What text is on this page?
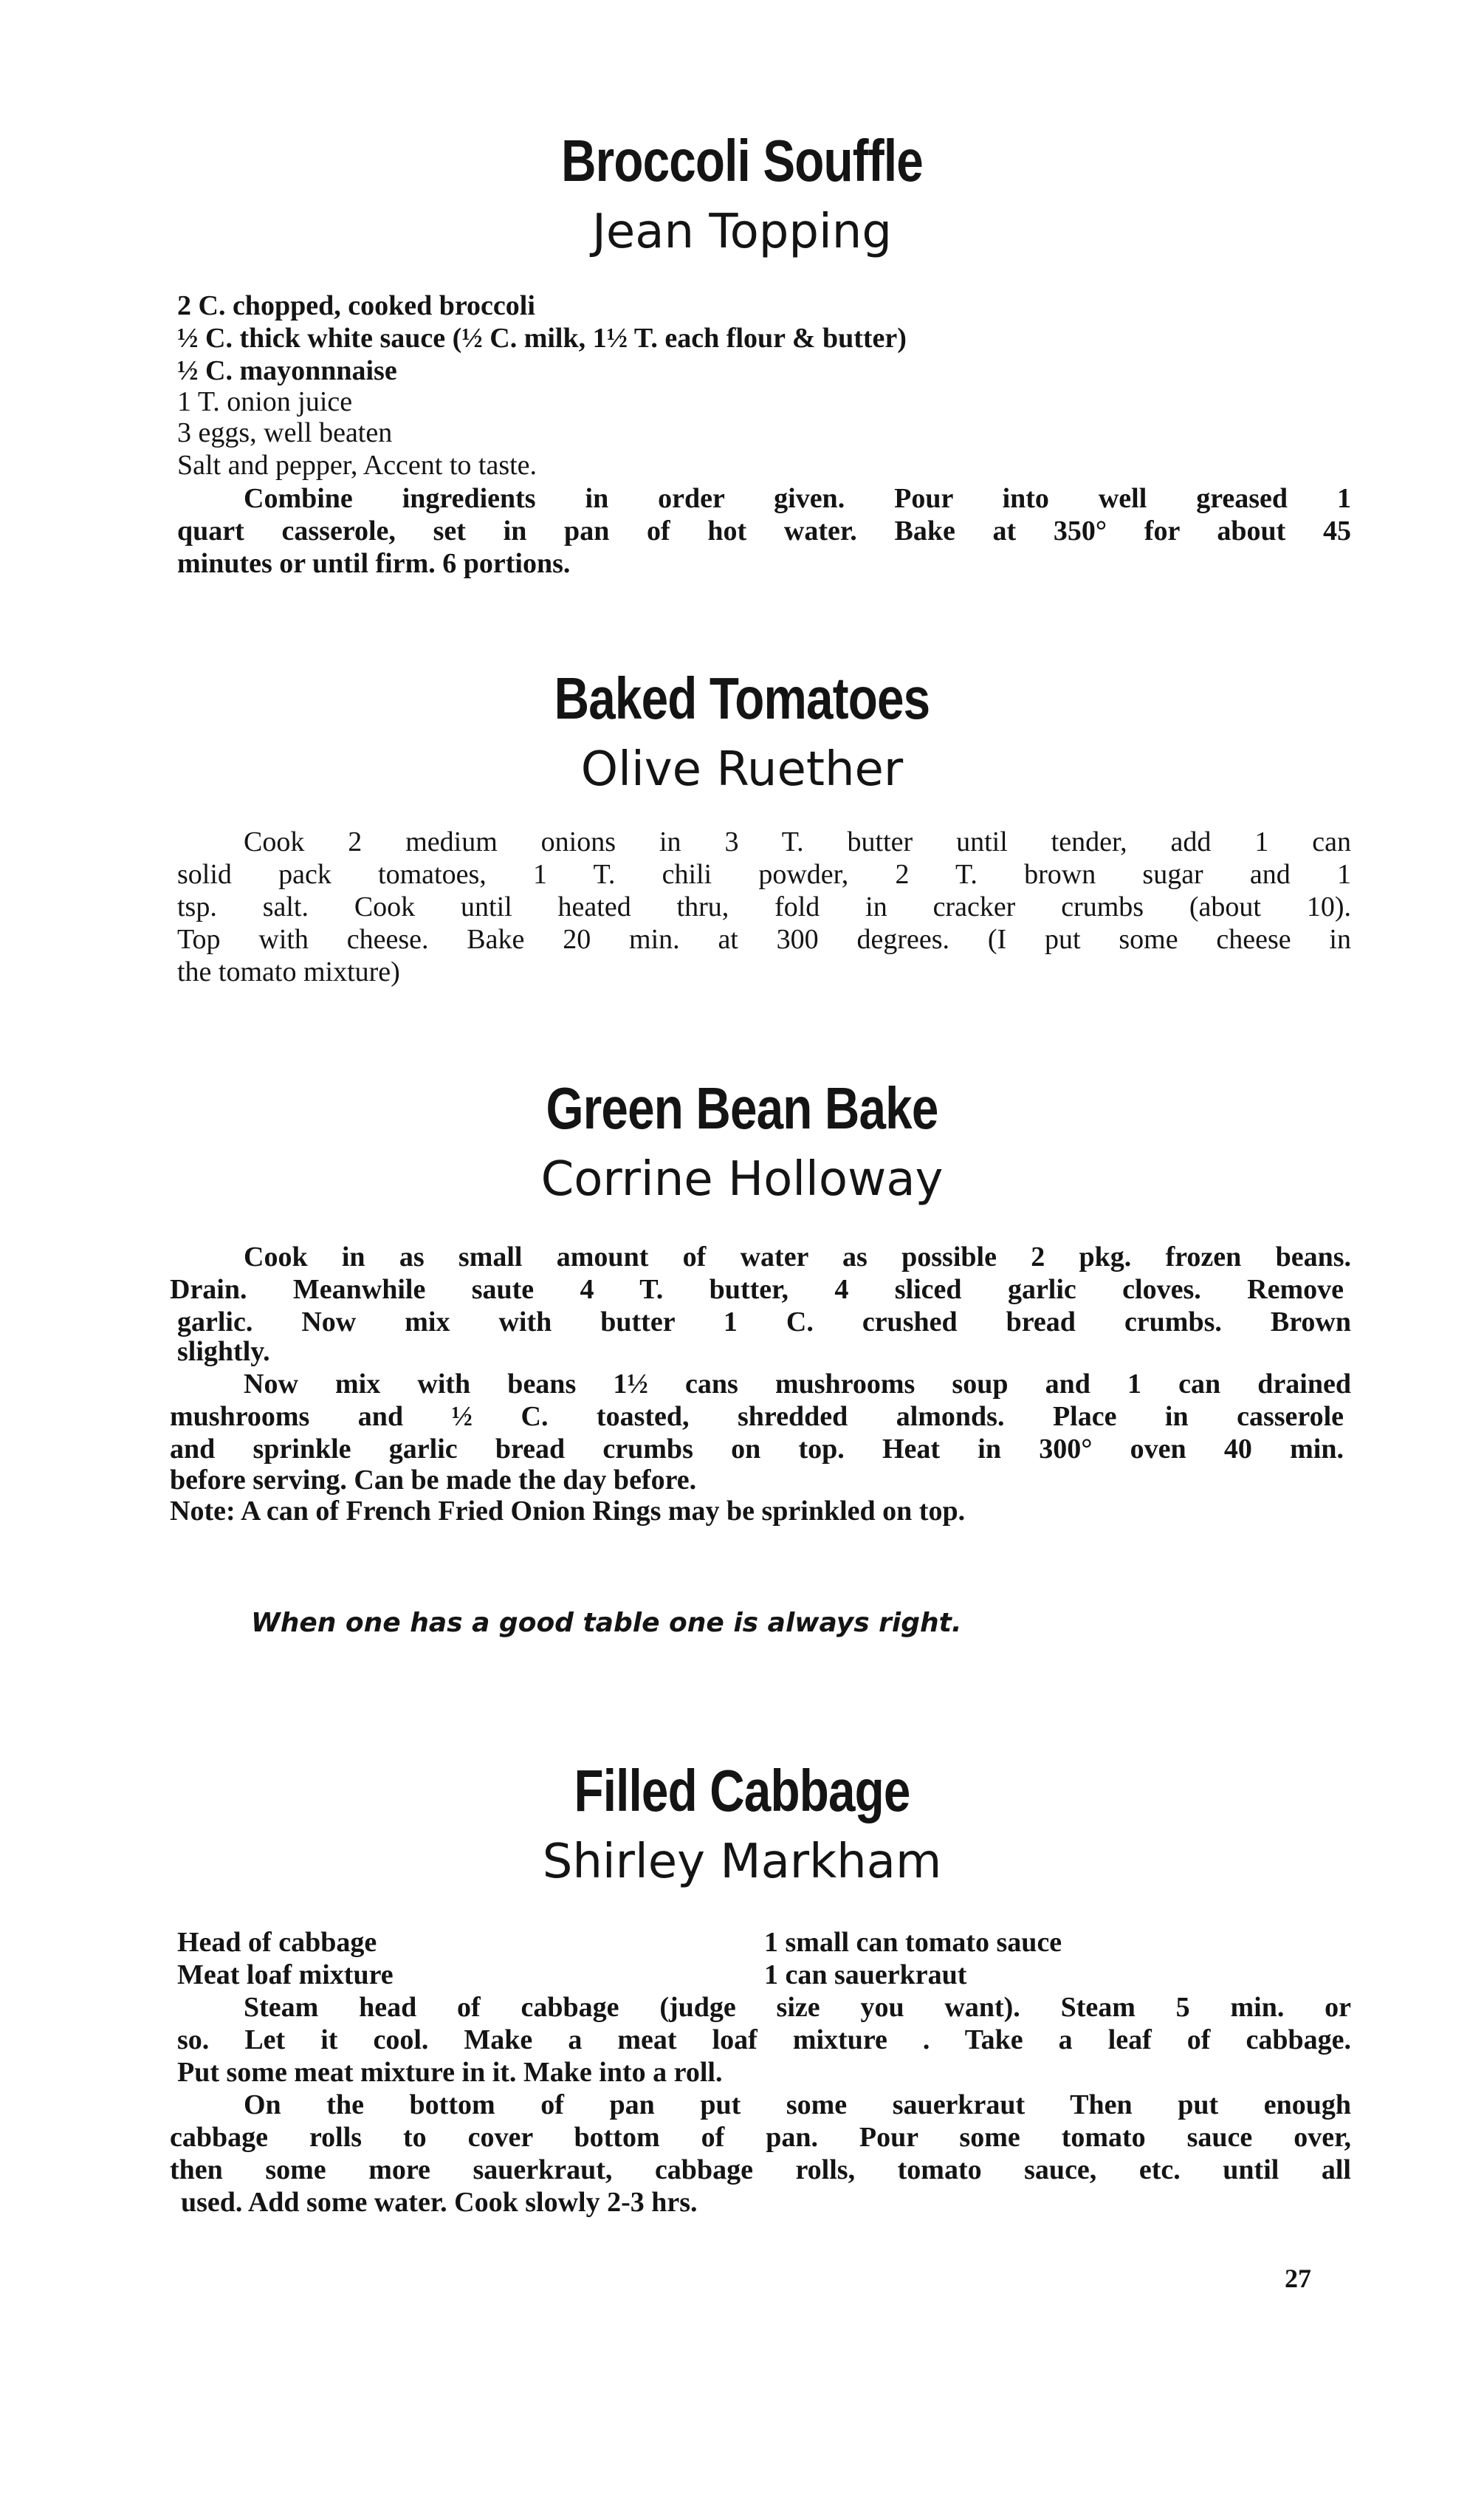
Broccoli Souffle
Jean Topping
2 C. chopped, cooked broccoli
½ C. thick white sauce (½ C. milk, 1½ T. each flour & butter)
½ C. mayonnnaise
1 T. onion juice
3 eggs, well beaten
Salt and pepper, Accent to taste.
Combine ingredients in order given. Pour into well greased 1
quart casserole, set in pan of hot water. Bake at 350° for about 45
minutes or until firm. 6 portions.
Baked Tomatoes
Olive Ruether
Cook 2 medium onions in 3 T. butter until tender, add 1 can
solid pack tomatoes, 1 T. chili powder, 2 T. brown sugar and 1
tsp. salt. Cook until heated thru, fold in cracker crumbs (about 10).
Top with cheese. Bake 20 min. at 300 degrees. (I put some cheese in
the tomato mixture)
Green Bean Bake
Corrine Holloway
Cook in as small amount of water as possible 2 pkg. frozen beans.
Drain. Meanwhile saute 4 T. butter, 4 sliced garlic cloves. Remove
garlic. Now mix with butter 1 C. crushed bread crumbs. Brown
slightly.
Now mix with beans 1½ cans mushrooms soup and 1 can drained
mushrooms and ½ C. toasted, shredded almonds. Place in casserole
and sprinkle garlic bread crumbs on top. Heat in 300° oven 40 min.
before serving. Can be made the day before.
Note: A can of French Fried Onion Rings may be sprinkled on top.
When one has a good table one is always right.
Filled Cabbage
Shirley Markham
Head of cabbage
Meat loaf mixture
1 small can tomato sauce
1 can sauerkraut
Steam head of cabbage (judge size you want). Steam 5 min. or
so. Let it cool. Make a meat loaf mixture . Take a leaf of cabbage.
Put some meat mixture in it. Make into a roll.
On the bottom of pan put some sauerkraut Then put enough
cabbage rolls to cover bottom of pan. Pour some tomato sauce over,
then some more sauerkraut, cabbage rolls, tomato sauce, etc. until all
used. Add some water. Cook slowly 2-3 hrs.
27
